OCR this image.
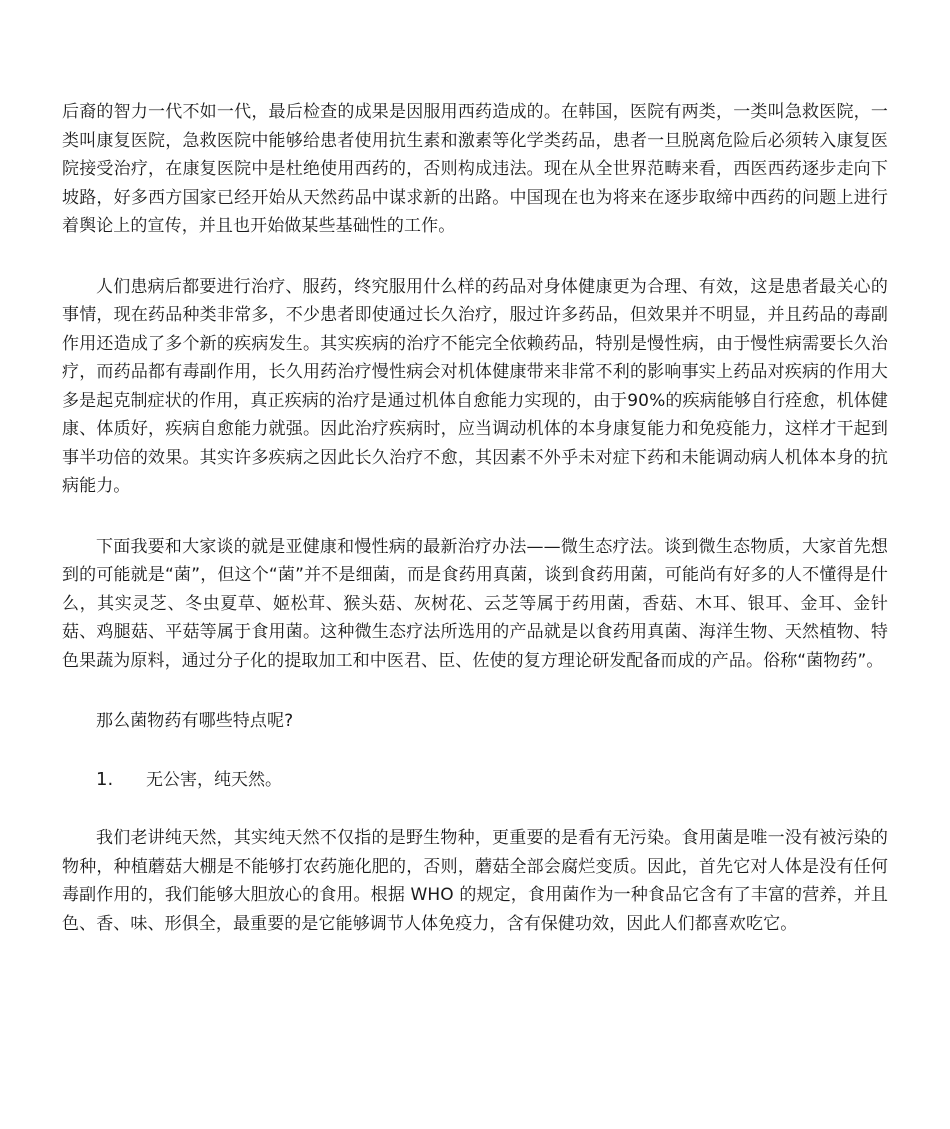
后裔的智力一代不如一代，最后检查的成果是因服用西药造成的。在韩国，医院有两类，一类叫急救医院，一类叫康复医院，急救医院中能够给患者使用抗生素和激素等化学类药品，患者一旦脱离危险后必须转入康复医院接受治疗，在康复医院中是杜绝使用西药的，否则构成违法。现在从全世界范畴来看，西医西药逐步走向下坡路，好多西方国家已经开始从天然药品中谋求新的出路。中国现在也为将来在逐步取缔中西药的问题上进行着舆论上的宣传，并且也开始做某些基础性的工作。

人们患病后都要进行治疗、服药，终究服用什么样的药品对身体健康更为合理、有效，这是患者最关心的事情，现在药品种类非常多，不少患者即使通过长久治疗，服过许多药品，但效果并不明显，并且药品的毒副作用还造成了多个新的疾病发生。其实疾病的治疗不能完全依赖药品，特别是慢性病，由于慢性病需要长久治疗，而药品都有毒副作用，长久用药治疗慢性病会对机体健康带来非常不利的影响事实上药品对疾病的作用大多是起克制症状的作用，真正疾病的治疗是通过机体自愈能力实现的，由于90%的疾病能够自行痊愈，机体健康、体质好，疾病自愈能力就强。因此治疗疾病时，应当调动机体的本身康复能力和免疫能力，这样才干起到事半功倍的效果。其实许多疾病之因此长久治疗不愈，其因素不外乎未对症下药和未能调动病人机体本身的抗病能力。

下面我要和大家谈的就是亚健康和慢性病的最新治疗办法——微生态疗法。谈到微生态物质，大家首先想到的可能就是“菌”，但这个“菌”并不是细菌，而是食药用真菌，谈到食药用菌，可能尚有好多的人不懂得是什么，其实灵芝、冬虫夏草、姬松茸、猴头菇、灰树花、云芝等属于药用菌，香菇、木耳、银耳、金耳、金针菇、鸡腿菇、平菇等属于食用菌。这种微生态疗法所选用的产品就是以食药用真菌、海洋生物、天然植物、特色果蔬为原料，通过分子化的提取加工和中医君、臣、佐使的复方理论研发配备而成的产品。俗称“菌物药”。

那么菌物药有哪些特点呢?

1.	无公害，纯天然。

我们老讲纯天然，其实纯天然不仅指的是野生物种，更重要的是看有无污染。食用菌是唯一没有被污染的物种，种植蘑菇大棚是不能够打农药施化肥的，否则，蘑菇全部会腐烂变质。因此，首先它对人体是没有任何毒副作用的，我们能够大胆放心的食用。根据 WHO 的规定，食用菌作为一种食品它含有了丰富的营养，并且色、香、味、形俱全，最重要的是它能够调节人体免疫力，含有保健功效，因此人们都喜欢吃它。
